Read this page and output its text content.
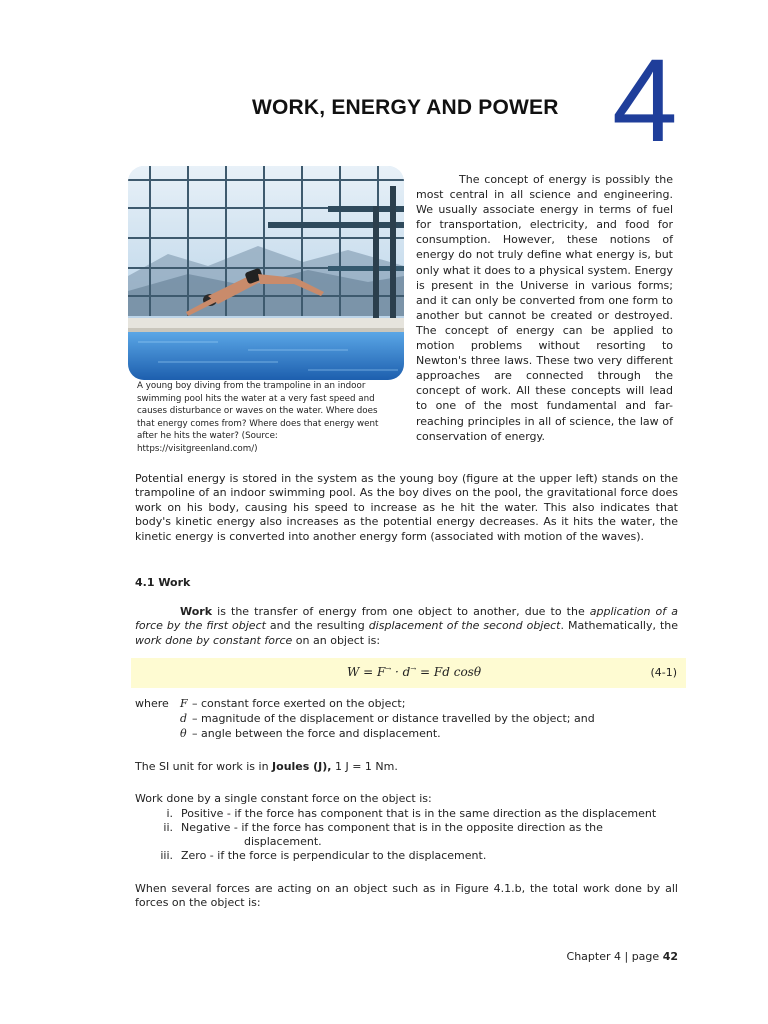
WORK, ENERGY AND POWER 4
A young boy diving from the trampoline in an indoor swimming pool hits the water at a very fast speed and causes disturbance or waves on the water. Where does that energy comes from? Where does that energy went after he hits the water? (Source: https://visitgreenland.com/)

The concept of energy is possibly the most central in all science and engineering. We usually associate energy in terms of fuel for transportation, electricity, and food for consumption. However, these notions of energy do not truly define what energy is, but only what it does to a physical system. Energy is present in the Universe in various forms; and it can only be converted from one form to another but cannot be created or destroyed. The concept of energy can be applied to motion problems without resorting to Newton's three laws. These two very different approaches are connected through the concept of work. All these concepts will lead to one of the most fundamental and far-reaching principles in all of science, the law of conservation of energy.

Potential energy is stored in the system as the young boy (figure at the upper left) stands on the trampoline of an indoor swimming pool. As the boy dives on the pool, the gravitational force does work on his body, causing his speed to increase as he hit the water. This also indicates that body's kinetic energy also increases as the potential energy decreases. As it hits the water, the kinetic energy is converted into another energy form (associated with motion of the waves).

4.1 Work

Work is the transfer of energy from one object to another, due to the application of a force by the first object and the resulting displacement of the second object. Mathematically, the work done by constant force on an object is:

W = F→ · d→ = Fd cosθ	(4-1)
where F – constant force exerted on the object;
d – magnitude of the displacement or distance travelled by the object; and
θ – angle between the force and displacement.
The SI unit for work is in Joules (J), 1 J = 1 Nm.
Work done by a single constant force on the object is:
i. Positive - if the force has component that is in the same direction as the displacement
ii. Negative - if the force has component that is in the opposite direction as the
displacement.
iii. Zero - if the force is perpendicular to the displacement.

When several forces are acting on an object such as in Figure 4.1.b, the total work done by all forces on the object is:

Chapter 4 | page 42
